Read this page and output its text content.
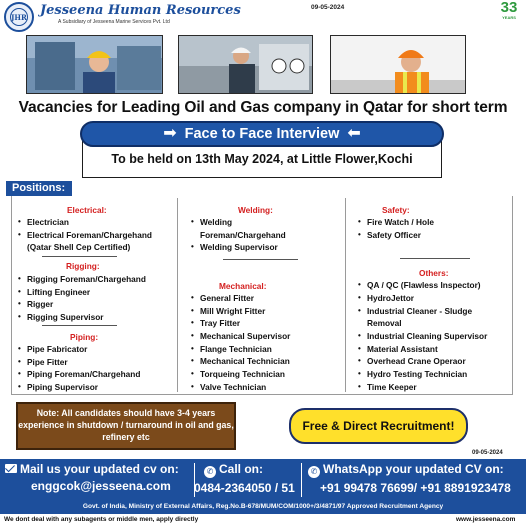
JHR Jesseena Human Resources
A Subsidiary of Jesseena Marine Services Pvt. Ltd
09-05-2024	33
YEARS
Vacancies for Leading Oil and Gas company in Qatar for short term
➡ Face to Face Interview ⬅
To be held on 13th May 2024, at Little Flower,Kochi
Positions:
Electrical:
• Electrician
• Electrical Foreman/Chargehand
(Qatar Shell Cep Certified)
Rigging:
• Rigging Foreman/Chargehand
• Lifting Engineer
• Rigger
• Rigging Supervisor
Piping:
• Pipe Fabricator
• Pipe Fitter
• Piping Foreman/Chargehand
• Piping Supervisor
Welding:
• Welding
Foreman/Chargehand
• Welding Supervisor
Mechanical:
• General Fitter
• Mill Wright Fitter
• Tray Fitter
• Mechanical Supervisor
• Flange Technician
• Mechanical Technician
• Torqueing Technician
• Valve Technician
Safety:
• Fire Watch / Hole
• Safety Officer
Others:
• QA / QC (Flawless Inspector)
• HydroJettor
• Industrial Cleaner - Sludge
Removal
• Industrial Cleaning Supervisor
• Material Assistant
• Overhead Crane Operaor
• Hydro Testing Technician
• Time Keeper
Note: All candidates should have 3-4 years experience in shutdown / turnaround in oil and gas, refinery etc
Free & Direct Recruitment!
09-05-2024
Mail us your updated cv on:
enggcok@jesseena.com
✆ Call on:
0484-2364050 / 51
✆ WhatsApp your updated CV on:
+91 99478 76699/ +91 8891923478
Govt. of India, Ministry of External Affairs, Reg.No.B-678/MUM/COM/1000+/3/4871/97 Approved Recruitment Agency
We dont deal with any subagents or middle men, apply directly	www.jesseena.com
